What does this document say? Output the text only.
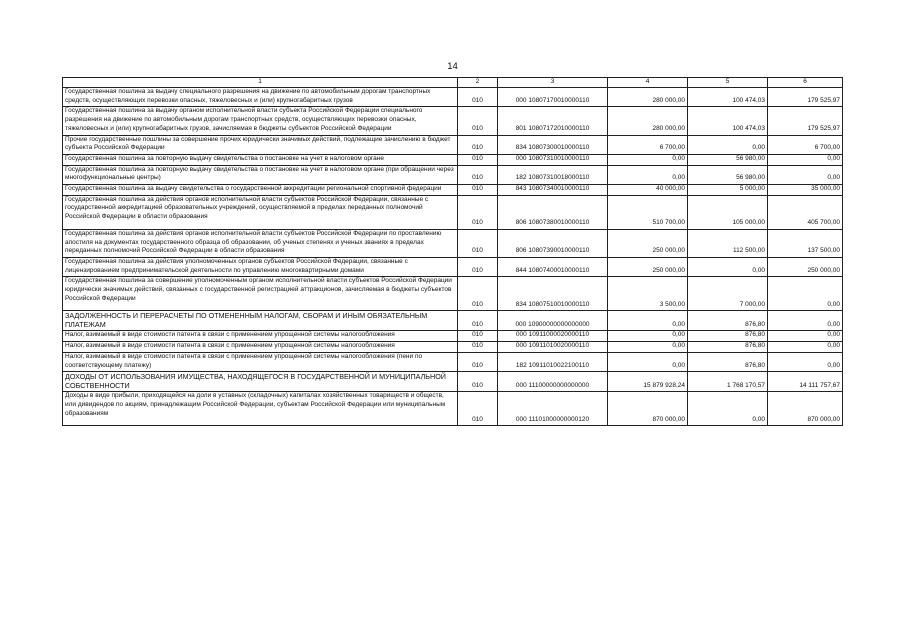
14
1	2	3	4	5	6
Государственная пошлина за выдачу специального разрешения на движение по автомобильным дорогам транспортных средств, осуществляющих перевозки опасных, тяжеловесных и (или) крупногабаритных грузов	010	000 10807170010000110	280 000,00	100 474,03	179 525,97
Государственная пошлина за выдачу органом исполнительной власти субъекта Российской Федерации специального разрешения на движение по автомобильным дорогам транспортных средств, осуществляющих перевозки опасных, тяжеловесных и (или) крупногабаритных грузов, зачисляемая в бюджеты субъектов Российской Федерации	010	801 10807172010000110	280 000,00	100 474,03	179 525,97
Прочие государственные пошлины за совершение прочих юридически значимых действий, подлежащие зачислению в бюджет субъекта Российской Федерации	010	834 10807300010000110	6 700,00	0,00	6 700,00
Государственная пошлина за повторную выдачу свидетельства о постановке на учет в налоговом органе	010	000 10807310010000110	0,00	56 980,00	0,00
Государственная пошлина за повторную выдачу свидетельства о постановке на учет в налоговом органе (при обращении через многофункциональные центры)	010	182 10807310018000110	0,00	56 980,00	0,00
Государственная пошлина за выдачу свидетельства о государственной аккредитации региональной спортивной федерации	010	843 10807340010000110	40 000,00	5 000,00	35 000,00
Государственная пошлина за действия органов исполнительной власти субъектов Российской Федерации, связанные с государственной аккредитацией образовательных учреждений, осуществляемой в пределах переданных полномочий Российской Федерации в области образования	010	806 10807380010000110	510 700,00	105 000,00	405 700,00
Государственная пошлина за действия органов исполнительной власти субъектов Российской Федерации по проставлению апостиля на документах государственного образца об образовании, об ученых степенях и ученых званиях в пределах переданных полномочий Российской Федерации в области образования	010	806 10807390010000110	250 000,00	112 500,00	137 500,00
Государственная пошлина за действия уполномоченных органов субъектов Российской Федерации, связанные с лицензированием предпринимательской деятельности по управлению многоквартирными домами	010	844 10807400010000110	250 000,00	0,00	250 000,00
Государственная пошлина за совершение уполномоченным органом исполнительной власти субъектов Российской Федерации юридически значимых действий, связанных с государственной регистрацией аттракционов, зачисляемая в бюджеты субъектов Российской Федерации	010	834 10807510010000110	3 500,00	7 000,00	0,00
ЗАДОЛЖЕННОСТЬ И ПЕРЕРАСЧЕТЫ ПО ОТМЕНЕННЫМ НАЛОГАМ, СБОРАМ И ИНЫМ ОБЯЗАТЕЛЬНЫМ ПЛАТЕЖАМ	010	000 10900000000000000	0,00	876,80	0,00
Налог, взимаемый в виде стоимости патента в связи с применением упрощенной системы налогообложения	010	000 10911000020000110	0,00	876,80	0,00
Налог, взимаемый в виде стоимости патента в связи с применением упрощенной системы налогообложения	010	000 10911010020000110	0,00	876,80	0,00
Налог, взимаемый в виде стоимости патента в связи с применением упрощенной системы налогообложения (пени по соответствующему платежу)	010	182 10911010022100110	0,00	876,80	0,00
ДОХОДЫ ОТ ИСПОЛЬЗОВАНИЯ ИМУЩЕСТВА, НАХОДЯЩЕГОСЯ В ГОСУДАРСТВЕННОЙ И МУНИЦИПАЛЬНОЙ СОБСТВЕННОСТИ	010	000 11100000000000000	15 879 928,24	1 768 170,57	14 111 757,67
Доходы в виде прибыли, приходящейся на доли в уставных (складочных) капиталах хозяйственных товариществ и обществ, или дивидендов по акциям, принадлежащим Российской Федерации, субъектам Российской Федерации или муниципальным образованиям	010	000 11101000000000120	870 000,00	0,00	870 000,00
